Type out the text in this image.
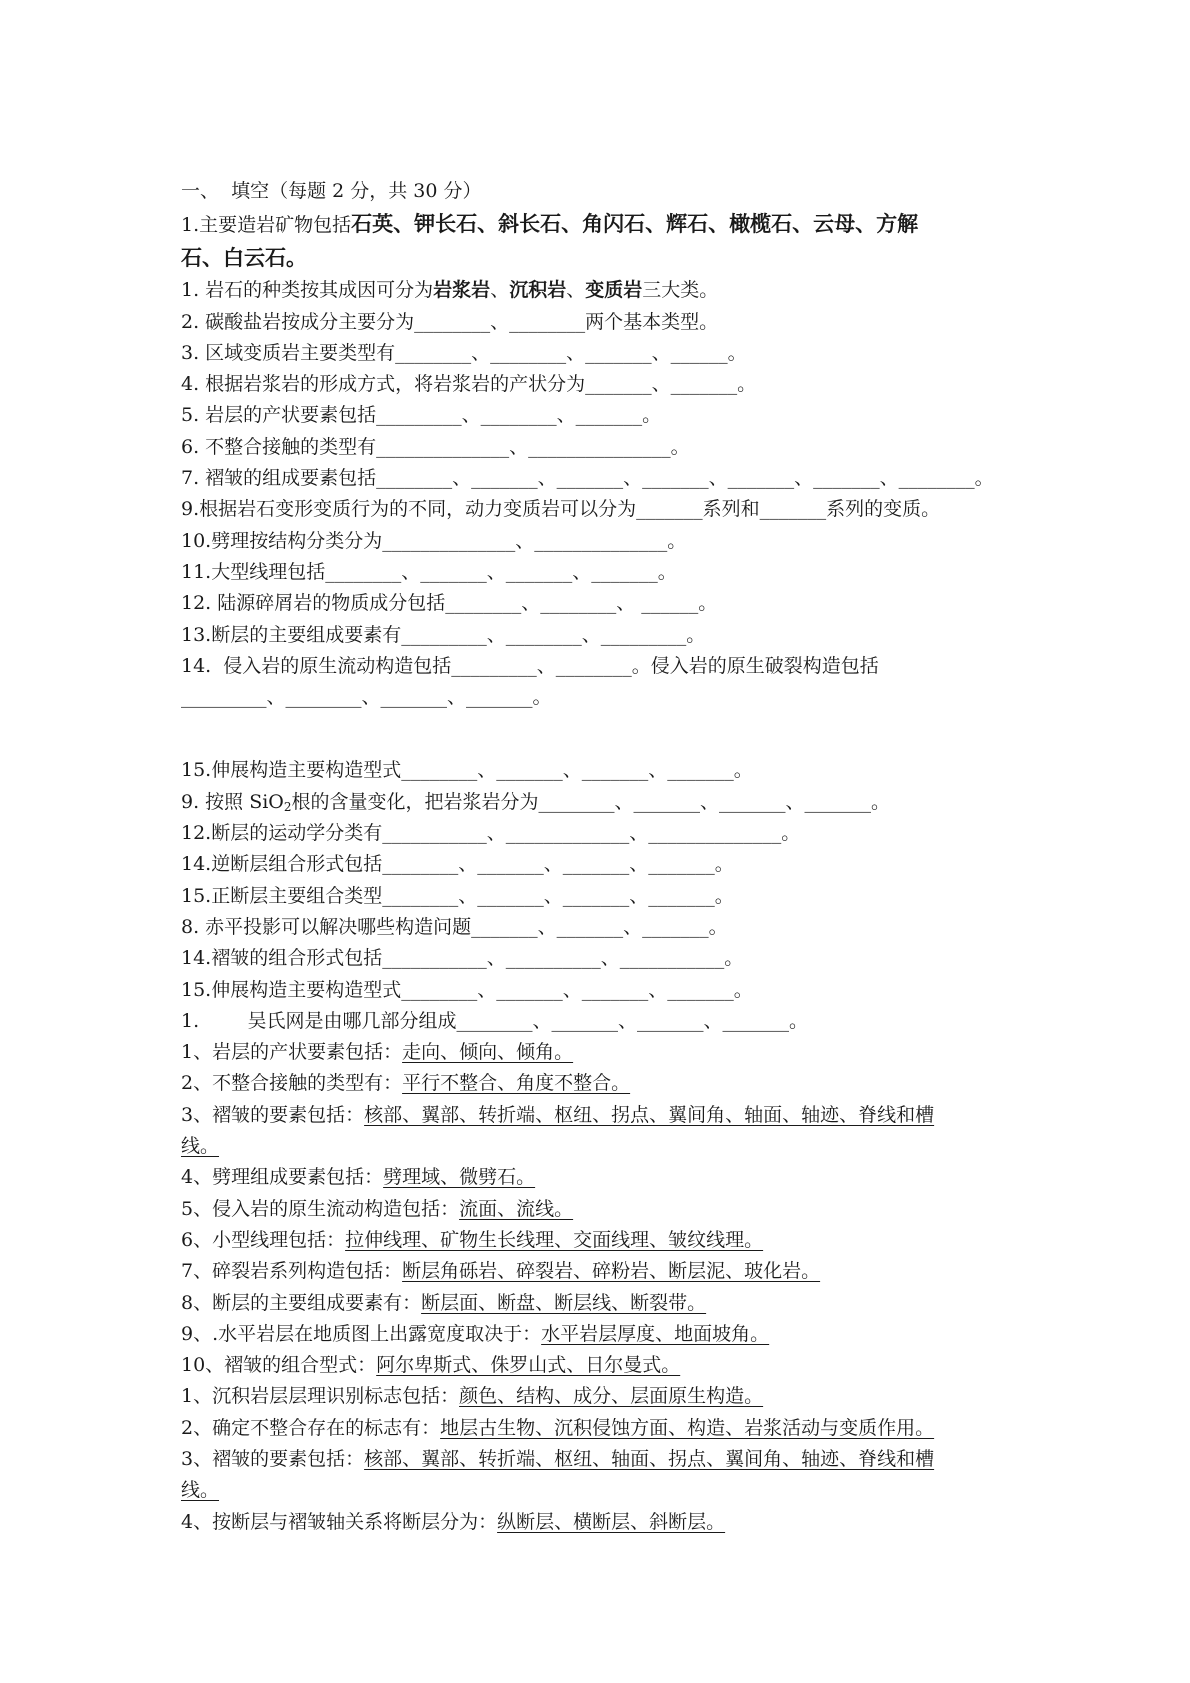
一、  填空（每题 2 分，共 30 分）
1.主要造岩矿物包括石英、钾长石、斜长石、角闪石、辉石、橄榄石、云母、方解
石、白云石。
1. 岩石的种类按其成因可分为岩浆岩、沉积岩、变质岩三大类。
2. 碳酸盐岩按成分主要分为________、________两个基本类型。
3. 区域变质岩主要类型有________、________、_______、______。
4. 根据岩浆岩的形成方式，将岩浆岩的产状分为_______、_______。
5. 岩层的产状要素包括_________、________、_______。
6. 不整合接触的类型有______________、_______________。
7. 褶皱的组成要素包括________、_______、_______、_______、_______、_______、________。
9.根据岩石变形变质行为的不同，动力变质岩可以分为_______系列和_______系列的变质。
10.劈理按结构分类分为______________、______________。
11.大型线理包括________、_______、_______、_______。
12. 陆源碎屑岩的物质成分包括________、________、 ______。
13.断层的主要组成要素有_________、________、_________。
14.  侵入岩的原生流动构造包括_________、________。侵入岩的原生破裂构造包括
_________、________、_______、_______。
15.伸展构造主要构造型式________、_______、_______、_______。
9. 按照 SiO$_2$根的含量变化，把岩浆岩分为________、_______、_______、_______。
12.断层的运动学分类有___________、_____________、______________。
14.逆断层组合形式包括________、_______、_______、_______。
15.正断层主要组合类型________、_______、_______、_______。
8. 赤平投影可以解决哪些构造问题_______、_______、_______。
14.褶皱的组合形式包括___________、__________、___________。
15.伸展构造主要构造型式________、_______、_______、_______。
1.        吴氏网是由哪几部分组成________、_______、_______、_______。
1、岩层的产状要素包括：走向、倾向、倾角。
2、不整合接触的类型有：平行不整合、角度不整合。
3、褶皱的要素包括：核部、翼部、转折端、枢纽、拐点、翼间角、轴面、轴迹、脊线和槽
线。
4、劈理组成要素包括：劈理域、微劈石。
5、侵入岩的原生流动构造包括：流面、流线。
6、小型线理包括：拉伸线理、矿物生长线理、交面线理、皱纹线理。
7、碎裂岩系列构造包括：断层角砾岩、碎裂岩、碎粉岩、断层泥、玻化岩。
8、断层的主要组成要素有：断层面、断盘、断层线、断裂带。
9、.水平岩层在地质图上出露宽度取决于：水平岩层厚度、地面坡角。
10、褶皱的组合型式：阿尔卑斯式、侏罗山式、日尔曼式。
1、沉积岩层层理识别标志包括：颜色、结构、成分、层面原生构造。
2、确定不整合存在的标志有：地层古生物、沉积侵蚀方面、构造、岩浆活动与变质作用。
3、褶皱的要素包括：核部、翼部、转折端、枢纽、轴面、拐点、翼间角、轴迹、脊线和槽
线。
4、按断层与褶皱轴关系将断层分为：纵断层、横断层、斜断层。
